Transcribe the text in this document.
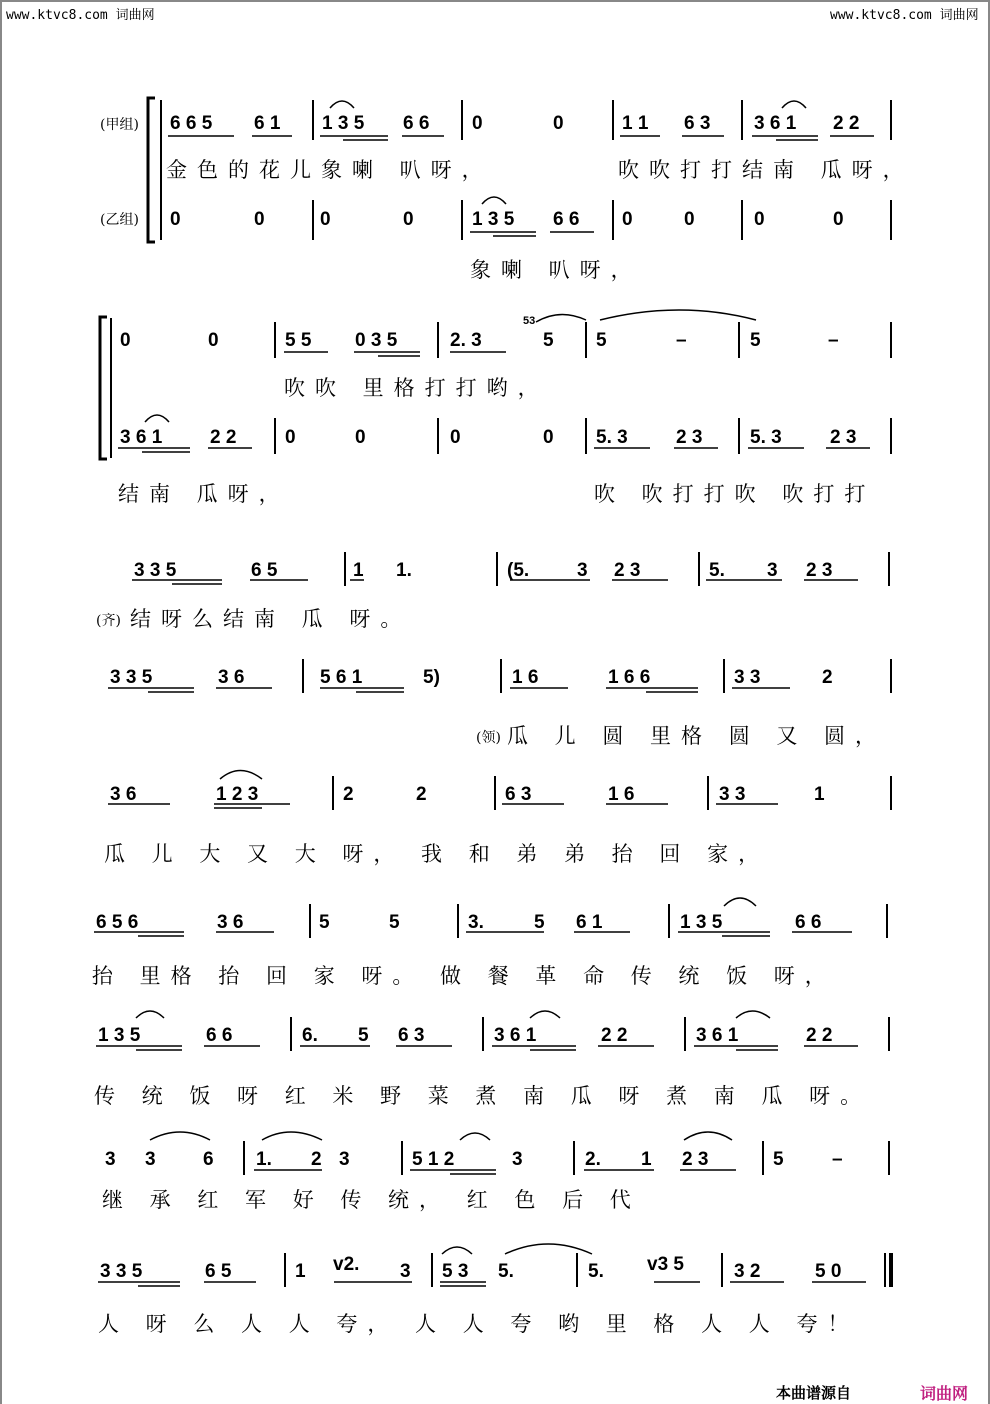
www.ktvc8.com 词曲网	www.ktvc8.com 词曲网
(甲组)
(乙组)
(齐)
(领)
金色的花儿象喇 叭呀，	吹吹打打结南 瓜呀，
象喇 叭呀，
吹吹 里格打打哟，
结南 瓜呀，	吹 吹打打吹 吹打打
结呀么结南 瓜 呀。
瓜 儿 圆 里格 圆 又 圆，
瓜 儿 大 又 大 呀， 我 和 弟 弟 抬 回 家，
抬 里格 抬 回 家 呀。 做 餐 革 命 传 统 饭 呀，
传 统 饭 呀 红 米 野 菜 煮 南 瓜 呀 煮 南 瓜 呀。
继 承 红 军 好 传 统， 红 色 后 代
人 呀 么 人 人 夸， 人 人 夸 哟 里 格 人 人 夸！
6 6 5 6 1 1 3 5 6 6 0	0	1 1 6 3 3 6 1 2 2
0	0	0	0	1 3 5 6 6 0	0	0	0
0	0	5 5 0 3 5	2. 3	5 5	–	5	–
53
3 6 1	2 2	0	0	0	0 5. 3	2 3	5. 3	2 3
3 3 5	6 5	1 1.	(5.	3 2 3	5. 3 2 3
3 3 5	3 6	5 6 1	5)	1 6	1 6 6	3 3	2
3 6	1 2 3	2	2	6 3	1 6	3 3	1
6 5 6	3 6	5	5	3.	5 6 1	1 3 5	6 6
1 3 5	6 6	6. 5 6 3	3 6 1	2 2	3 6 1	2 2
3 3 6 1. 2 3	5 1 2	3	2. 1 2 3	5	–
3 3 5	6 5	1 v2. 3 5 3 5.	5. v3 5	3 2	5 0
本曲谱源自	词曲网
